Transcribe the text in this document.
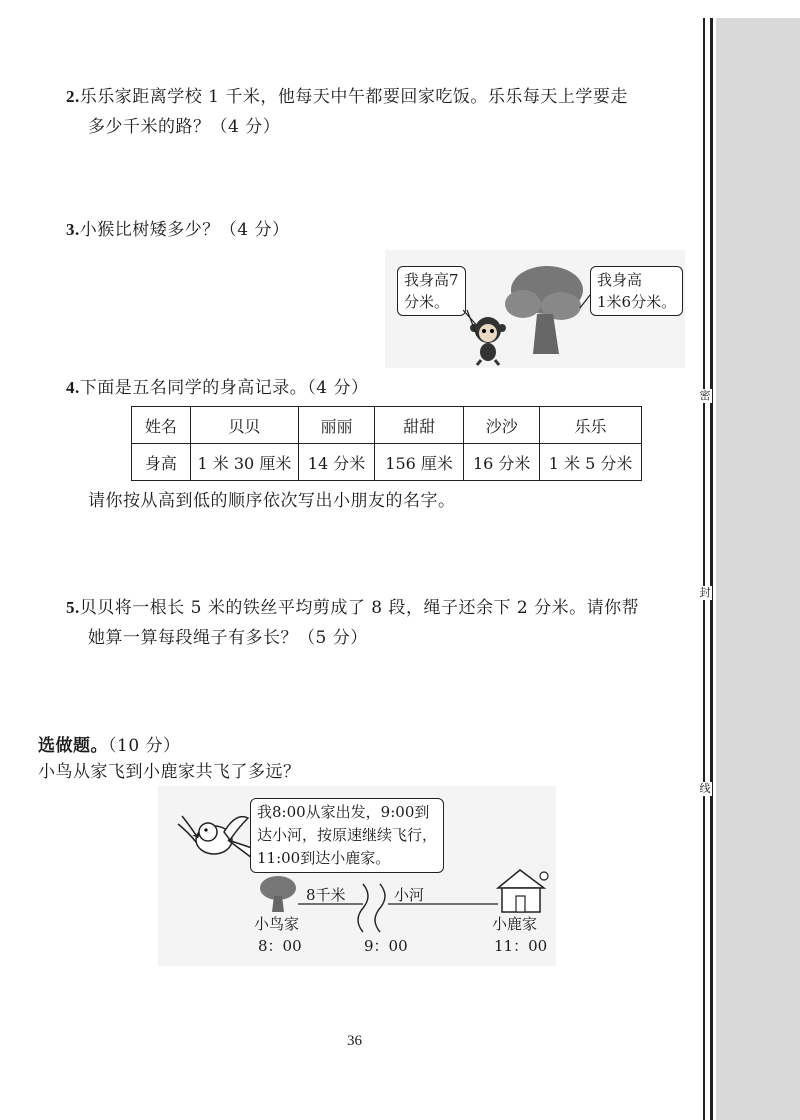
密
封
线
2.乐乐家距离学校 1 千米，他每天中午都要回家吃饭。乐乐每天上学要走
多少千米的路？（4 分）
3.小猴比树矮多少？（4 分）
我身高7
分米。
我身高
1米6分米。
4.下面是五名同学的身高记录。（4 分）
姓名	贝贝	丽丽	甜甜	沙沙	乐乐
身高	1 米 30 厘米	14 分米	156 厘米	16 分米	1 米 5 分米
请你按从高到低的顺序依次写出小朋友的名字。
5.贝贝将一根长 5 米的铁丝平均剪成了 8 段，绳子还余下 2 分米。请你帮
她算一算每段绳子有多长？（5 分）
选做题。（10 分）
小鸟从家飞到小鹿家共飞了多远？
我8:00从家出发，9:00到
达小河，按原速继续飞行，
11:00到达小鹿家。
8千米	小河
小鸟家	小鹿家
8：00	9：00	11：00
36
